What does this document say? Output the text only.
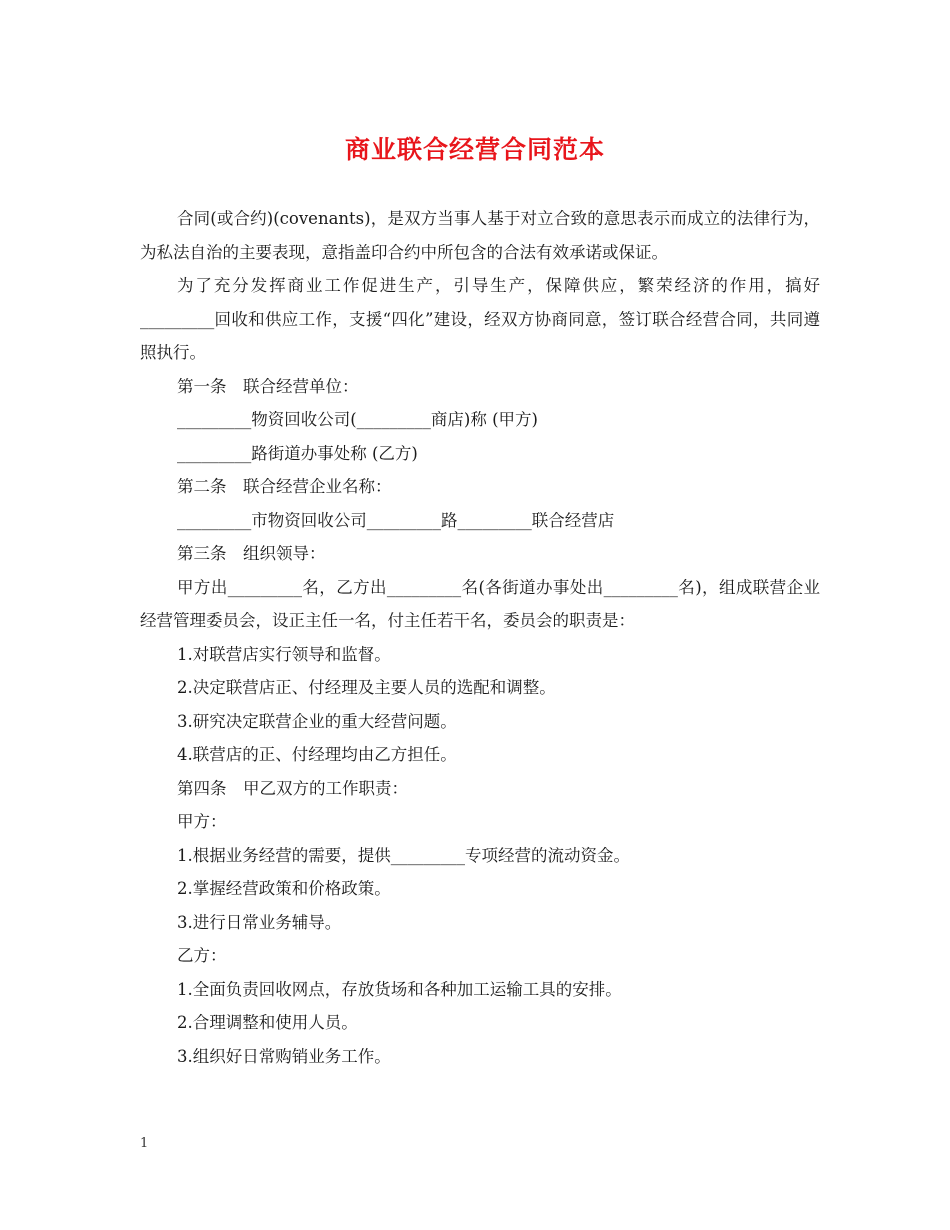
商业联合经营合同范本

合同(或合约)(covenants)，是双方当事人基于对立合致的意思表示而成立的法律行为，为私法自治的主要表现，意指盖印合约中所包含的合法有效承诺或保证。

为了充分发挥商业工作促进生产，引导生产，保障供应，繁荣经济的作用，搞好_________回收和供应工作，支援“四化”建设，经双方协商同意，签订联合经营合同，共同遵照执行。

第一条　联合经营单位：

_________物资回收公司(_________商店)称 (甲方)

_________路街道办事处称 (乙方)

第二条　联合经营企业名称：

_________市物资回收公司_________路_________联合经营店

第三条　组织领导：

甲方出_________名，乙方出_________名(各街道办事处出_________名)，组成联营企业经营管理委员会，设正主任一名，付主任若干名，委员会的职责是：

1.对联营店实行领导和监督。

2.决定联营店正、付经理及主要人员的选配和调整。

3.研究决定联营企业的重大经营问题。

4.联营店的正、付经理均由乙方担任。

第四条　甲乙双方的工作职责：

甲方：

1.根据业务经营的需要，提供_________专项经营的流动资金。

2.掌握经营政策和价格政策。

3.进行日常业务辅导。

乙方：

1.全面负责回收网点，存放货场和各种加工运输工具的安排。

2.合理调整和使用人员。

3.组织好日常购销业务工作。

1
